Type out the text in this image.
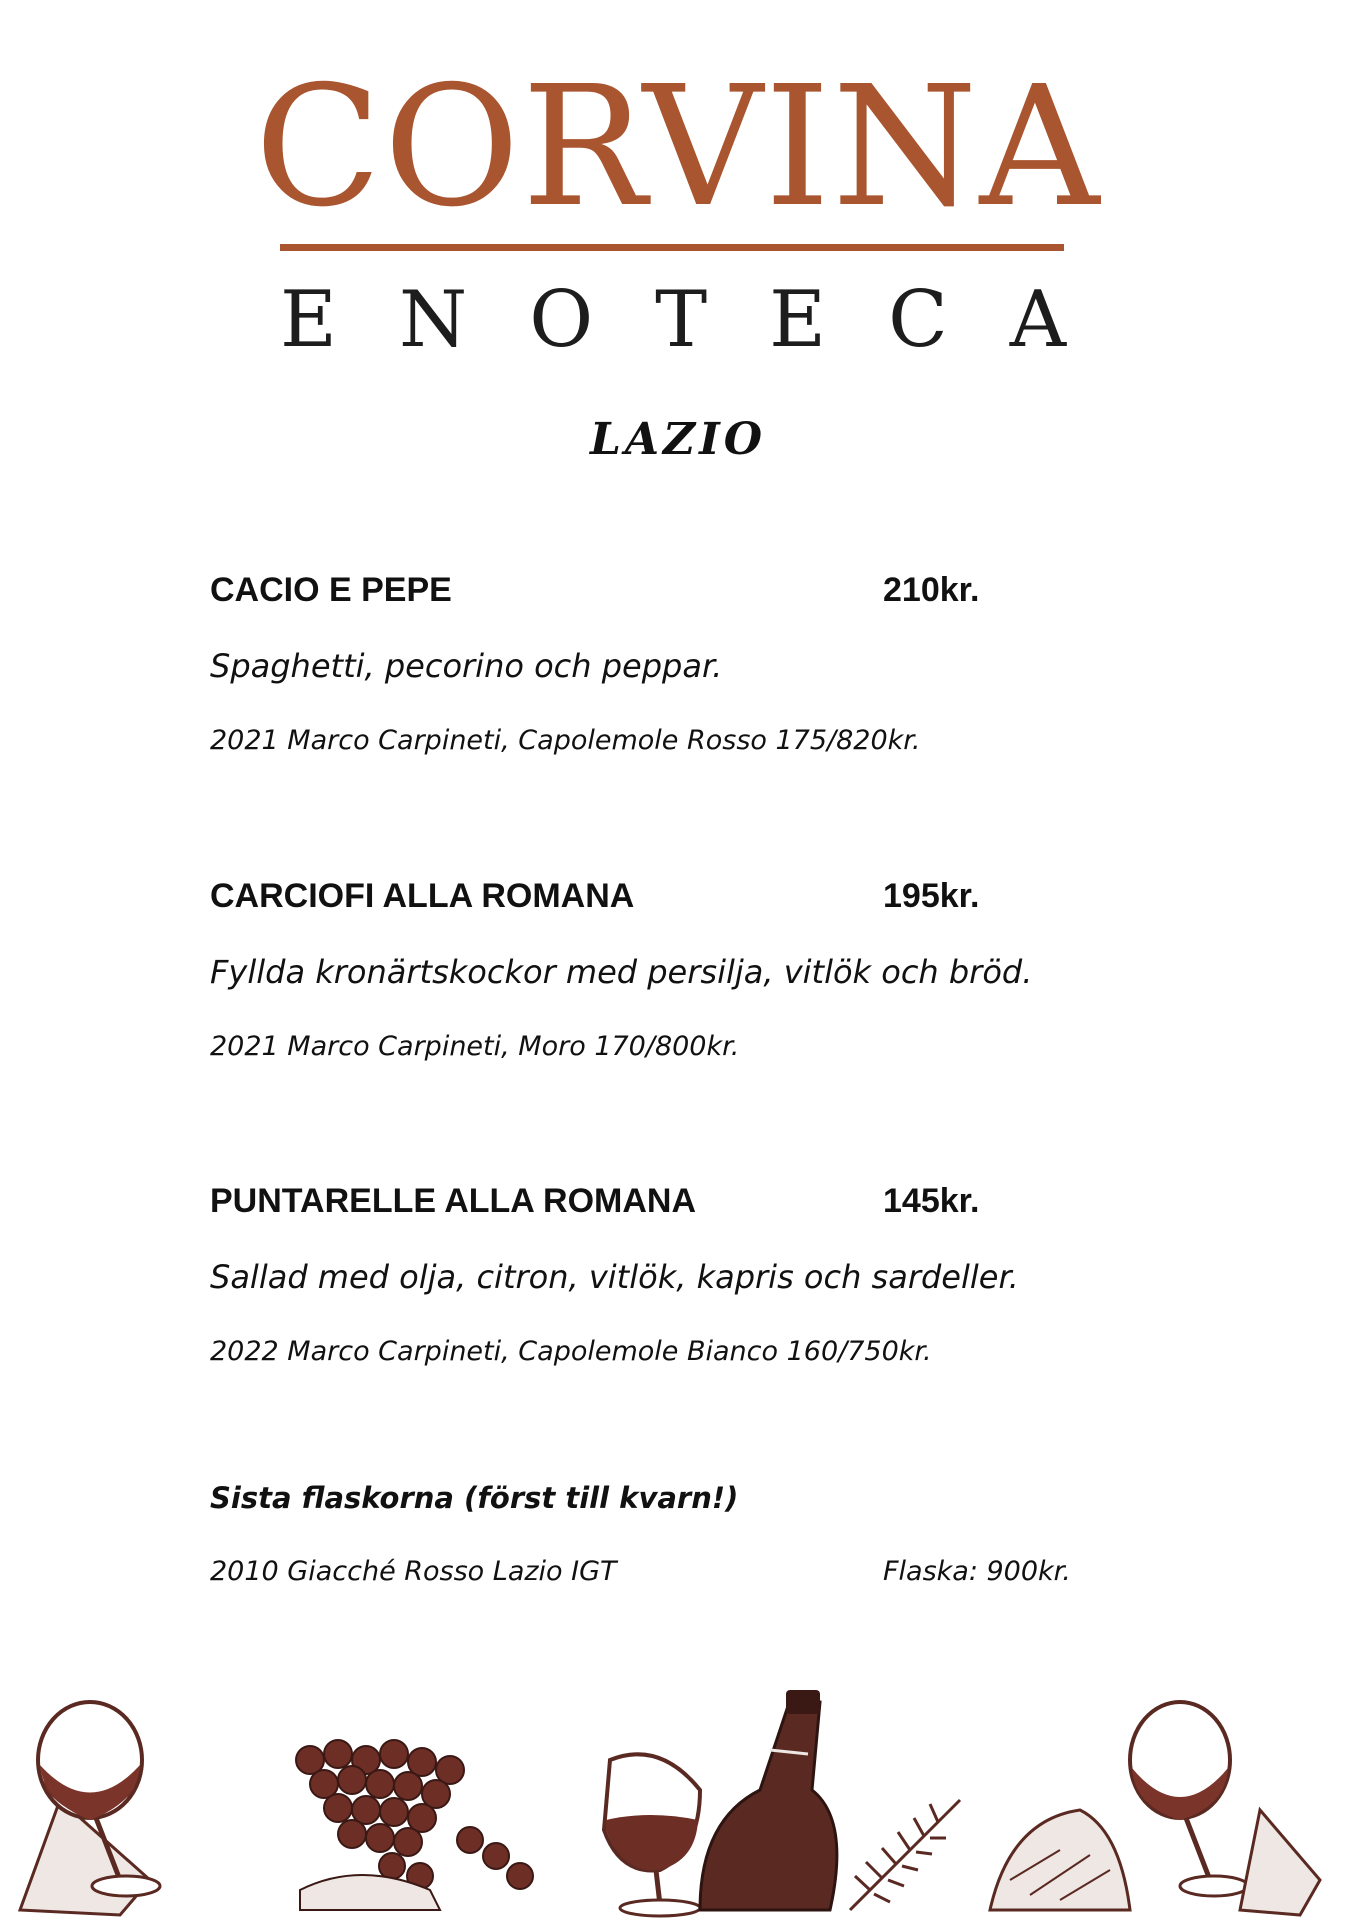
CORVINA
ENOTECA
LAZIO
CACIO E PEPE	210kr.
Spaghetti, pecorino och peppar.
2021 Marco Carpineti, Capolemole Rosso 175/820kr.
CARCIOFI ALLA ROMANA	195kr.
Fyllda kronärtskockor med persilja, vitlök och bröd.
2021 Marco Carpineti, Moro 170/800kr.
PUNTARELLE ALLA ROMANA	145kr.
Sallad med olja, citron, vitlök, kapris och sardeller.
2022 Marco Carpineti, Capolemole Bianco 160/750kr.
Sista flaskorna (först till kvarn!)
2010 Giacché Rosso Lazio IGT	Flaska: 900kr.
